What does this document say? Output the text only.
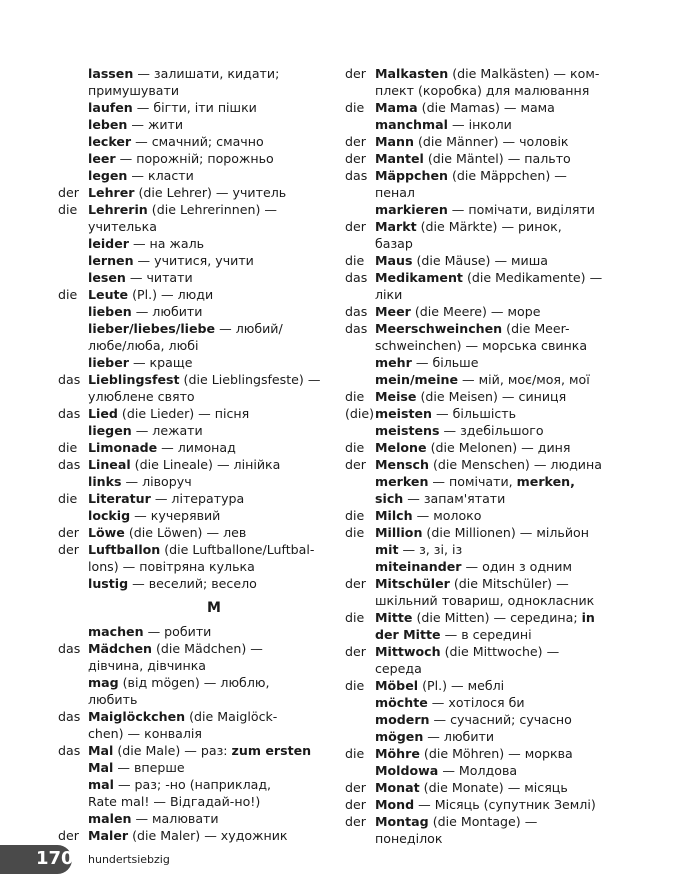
lassen — залишати, кидати;
примушувати
laufen — бігти, іти пішки
leben — жити
lecker — смачний; смачно
leer — порожній; порожньо
legen — класти
der Lehrer (die Lehrer) — учитель
die Lehrerin (die Lehrerinnen) —
учителька
leider — на жаль
lernen — учитися, учити
lesen — читати
die Leute (Pl.) — люди
lieben — любити
lieber/liebes/liebe — любий/
любе/люба, любі
lieber — краще
das Lieblingsfest (die Lieblingsfeste) —
улюблене свято
das Lied (die Lieder) — пісня
liegen — лежати
die Limonade — лимонад
das Lineal (die Lineale) — лінійка
links — ліворуч
die Literatur — література
lockig — кучерявий
der Löwe (die Löwen) — лев
der Luftballon (die Luftballone/Luftbal-
lons) — повітряна кулька
lustig — веселий; весело
M
machen — робити
das Mädchen (die Mädchen) —
дівчина, дівчинка
mag (від mögen) — люблю,
любить
das Maiglöckchen (die Maiglöck-
chen) — конвалія
das Mal (die Male) — раз: zum ersten
Mal — вперше
mal — раз; -но (наприклад,
Rate mal! — Відгадай-но!)
malen — малювати
der Maler (die Maler) — художник
der Malkasten (die Malkästen) — ком-
плект (коробка) для малювання
die Mama (die Mamas) — мама
manchmal — інколи
der Mann (die Männer) — чоловік
der Mantel (die Mäntel) — пальто
das Mäppchen (die Mäppchen) —
пенал
markieren — помічати, виділяти
der Markt (die Märkte) — ринок,
базар
die Maus (die Mäuse) — миша
das Medikament (die Medikamente) —
ліки
das Meer (die Meere) — море
das Meerschweinchen (die Meer-
schweinchen) — морська свинка
mehr — більше
mein/meine — мій, моє/моя, мої
die Meise (die Meisen) — синиця
(die) meisten — більшість
meistens — здебільшого
die Melone (die Melonen) — диня
der Mensch (die Menschen) — людина
merken — помічати, merken,
sich — запам'ятати
die Milch — молоко
die Million (die Millionen) — мільйон
mit — з, зі, із
miteinander — один з одним
der Mitschüler (die Mitschüler) —
шкільний товариш, однокласник
die Mitte (die Mitten) — середина; in
der Mitte — в середині
der Mittwoch (die Mittwoche) —
середа
die Möbel (Pl.) — меблі
möchte — хотілося би
modern — сучасний; сучасно
mögen — любити
die Möhre (die Möhren) — морква
Moldowa — Молдова
der Monat (die Monate) — місяць
der Mond — Місяць (супутник Землі)
der Montag (die Montage) —
понеділок
170 hundertsiebzig
